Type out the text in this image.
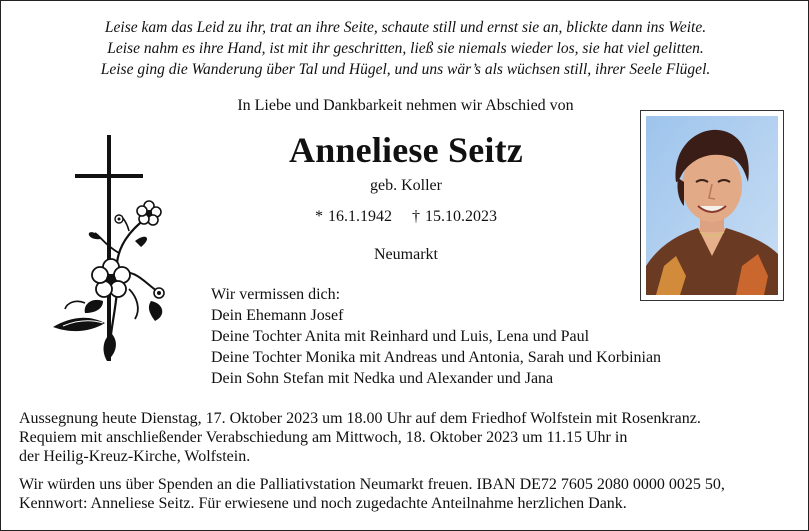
Leise kam das Leid zu ihr, trat an ihre Seite, schaute still und ernst sie an, blickte dann ins Weite.
Leise nahm es ihre Hand, ist mit ihr geschritten, ließ sie niemals wieder los, sie hat viel gelitten.
Leise ging die Wanderung über Tal und Hügel, und uns wär’s als wüchsen still, ihrer Seele Flügel.
In Liebe und Dankbarkeit nehmen wir Abschied von
Anneliese Seitz
geb. Koller
* 16.1.1942 † 15.10.2023
Neumarkt
Wir vermissen dich:
Dein Ehemann Josef
Deine Tochter Anita mit Reinhard und Luis, Lena und Paul
Deine Tochter Monika mit Andreas und Antonia, Sarah und Korbinian
Dein Sohn Stefan mit Nedka und Alexander und Jana
Aussegnung heute Dienstag, 17. Oktober 2023 um 18.00 Uhr auf dem Friedhof Wolfstein mit Rosenkranz.
Requiem mit anschließender Verabschiedung am Mittwoch, 18. Oktober 2023 um 11.15 Uhr in
der Heilig-Kreuz-Kirche, Wolfstein.
Wir würden uns über Spenden an die Palliativstation Neumarkt freuen. IBAN DE72 7605 2080 0000 0025 50,
Kennwort: Anneliese Seitz. Für erwiesene und noch zugedachte Anteilnahme herzlichen Dank.
